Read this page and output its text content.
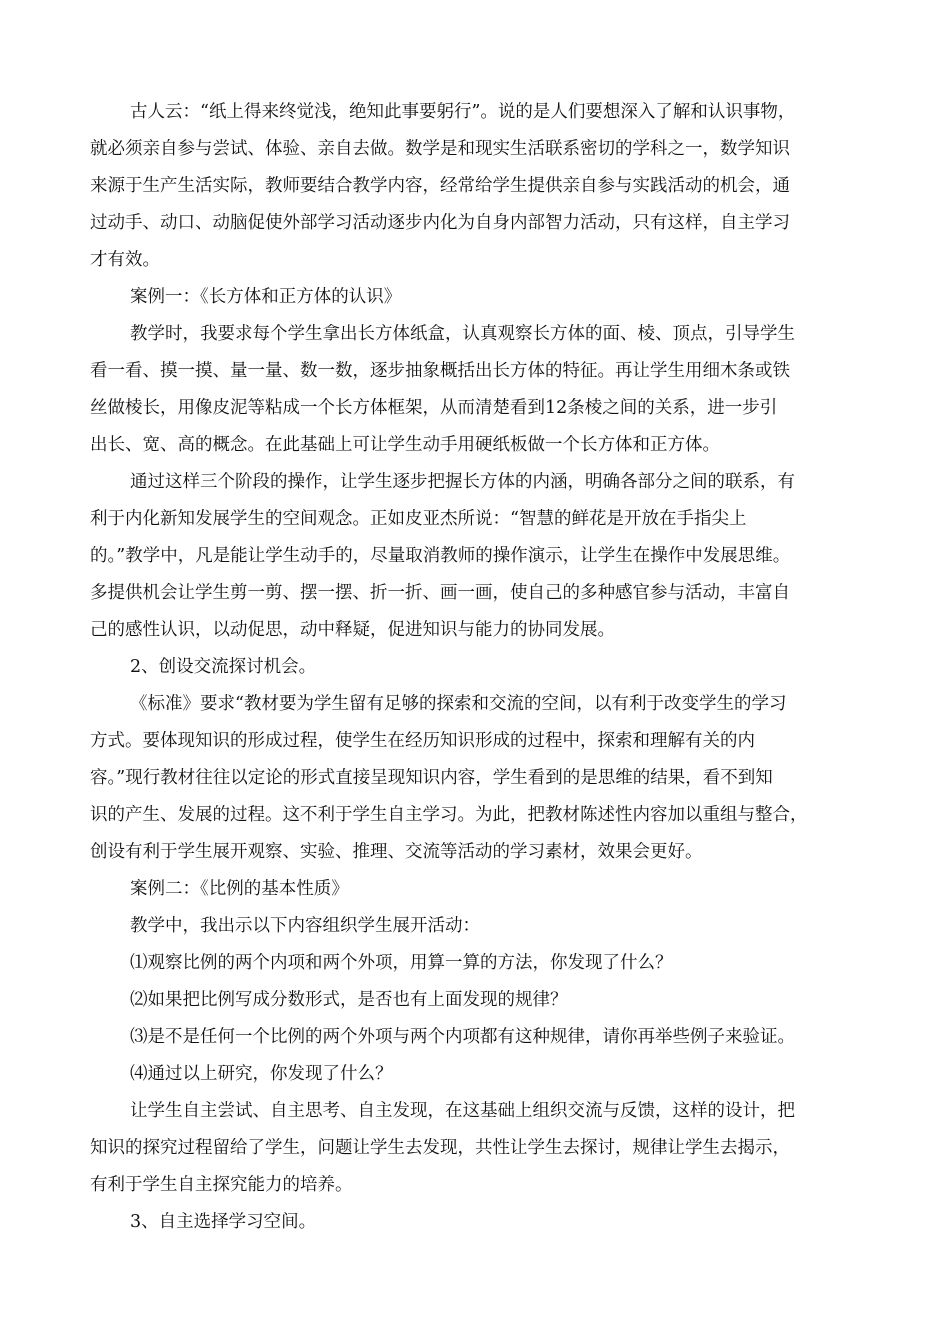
古人云：“纸上得来终觉浅，绝知此事要躬行”。说的是人们要想深入了解和认识事物，
就必须亲自参与尝试、体验、亲自去做。数学是和现实生活联系密切的学科之一，数学知识
来源于生产生活实际，教师要结合教学内容，经常给学生提供亲自参与实践活动的机会，通
过动手、动口、动脑促使外部学习活动逐步内化为自身内部智力活动，只有这样，自主学习
才有效。
案例一：《长方体和正方体的认识》
教学时，我要求每个学生拿出长方体纸盒，认真观察长方体的面、棱、顶点，引导学生
看一看、摸一摸、量一量、数一数，逐步抽象概括出长方体的特征。再让学生用细木条或铁
丝做棱长，用像皮泥等粘成一个长方体框架，从而清楚看到12条棱之间的关系，进一步引
出长、宽、高的概念。在此基础上可让学生动手用硬纸板做一个长方体和正方体。
通过这样三个阶段的操作，让学生逐步把握长方体的内涵，明确各部分之间的联系，有
利于内化新知发展学生的空间观念。正如皮亚杰所说：“智慧的鲜花是开放在手指尖上
的。”教学中，凡是能让学生动手的，尽量取消教师的操作演示，让学生在操作中发展思维。
多提供机会让学生剪一剪、摆一摆、折一折、画一画，使自己的多种感官参与活动，丰富自
己的感性认识，以动促思，动中释疑，促进知识与能力的协同发展。
2、创设交流探讨机会。
《标准》要求“教材要为学生留有足够的探索和交流的空间，以有利于改变学生的学习
方式。要体现知识的形成过程，使学生在经历知识形成的过程中，探索和理解有关的内
容。”现行教材往往以定论的形式直接呈现知识内容，学生看到的是思维的结果，看不到知
识的产生、发展的过程。这不利于学生自主学习。为此，把教材陈述性内容加以重组与整合，
创设有利于学生展开观察、实验、推理、交流等活动的学习素材，效果会更好。
案例二：《比例的基本性质》
教学中，我出示以下内容组织学生展开活动：
⑴观察比例的两个内项和两个外项，用算一算的方法，你发现了什么？
⑵如果把比例写成分数形式，是否也有上面发现的规律？
⑶是不是任何一个比例的两个外项与两个内项都有这种规律，请你再举些例子来验证。
⑷通过以上研究，你发现了什么？
让学生自主尝试、自主思考、自主发现，在这基础上组织交流与反馈，这样的设计，把
知识的探究过程留给了学生，问题让学生去发现，共性让学生去探讨，规律让学生去揭示，
有利于学生自主探究能力的培养。
3、自主选择学习空间。
